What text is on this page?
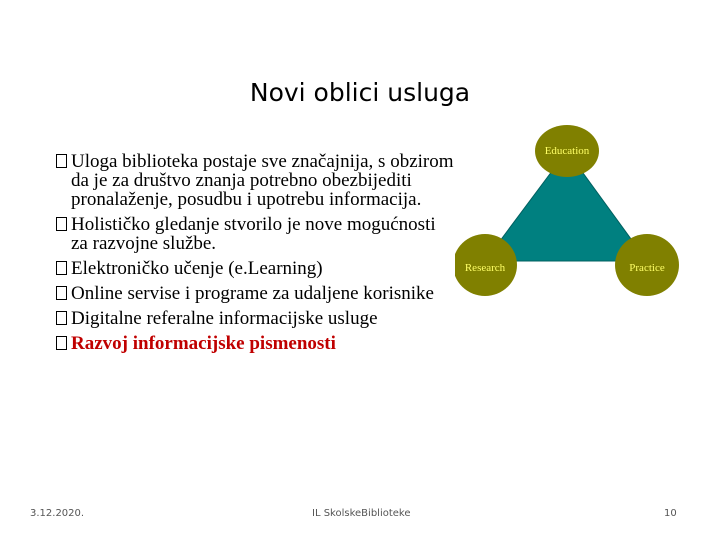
Novi oblici usluga
Uloga biblioteka postaje sve značajnija, s obzirom da je za društvo znanja potrebno obezbijediti pronalaženje, posudbu i upotrebu informacija.
Holističko gledanje stvorilo je nove mogućnosti za razvojne službe.
Elektroničko učenje (e.Learning)
Online servise i programe za udaljene korisnike
Digitalne referalne informacijske usluge
Razvoj informacijske pismenosti
Education
Research	Practice
3.12.2020.	IL SkolskeBiblioteke	10
